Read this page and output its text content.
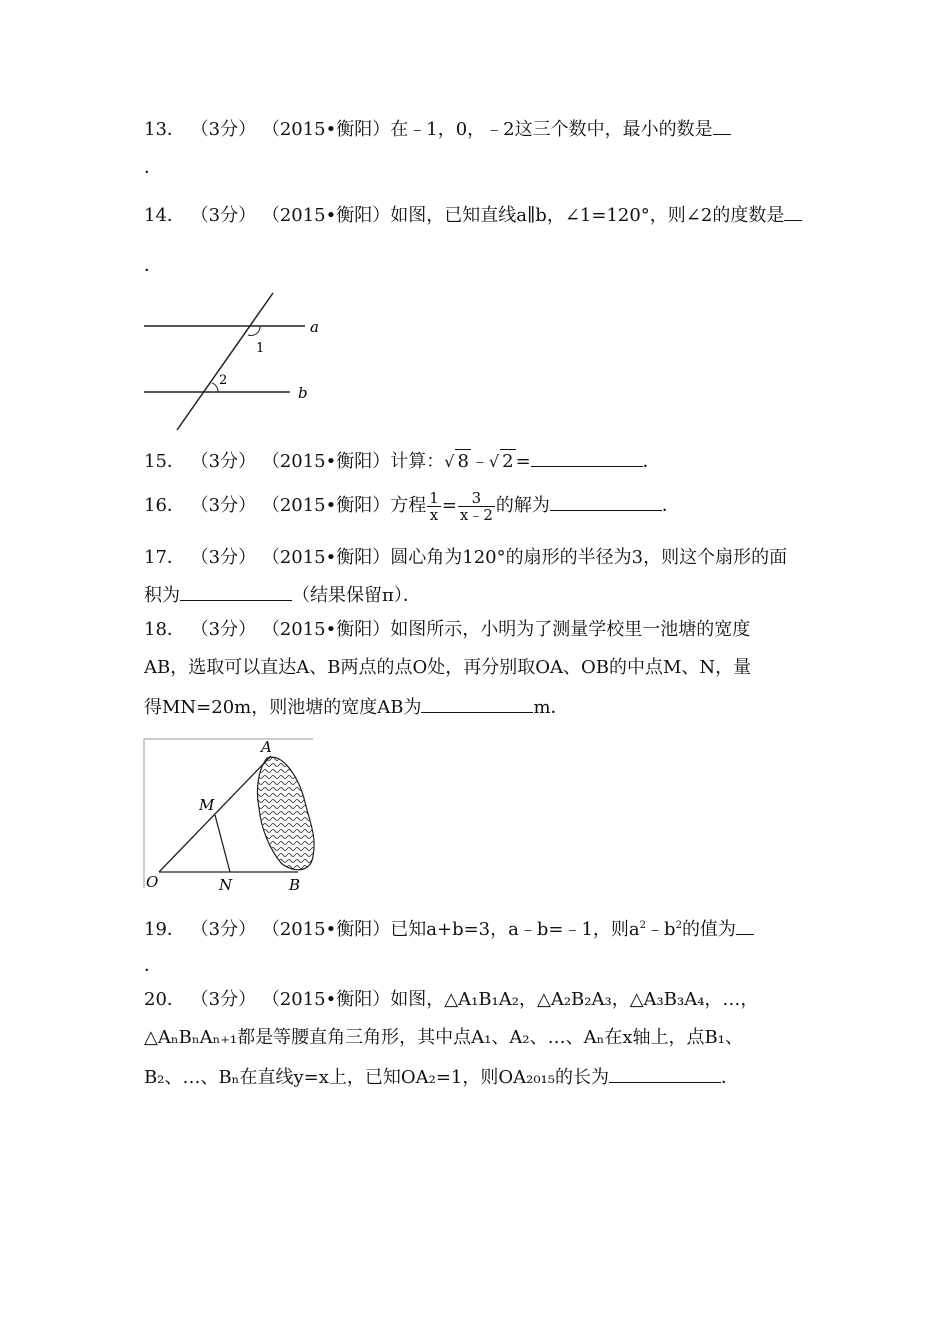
13． （3分） （2015•衡阳）在﹣1，0，﹣2这三个数中，最小的数是
．
14． （3分） （2015•衡阳）如图，已知直线a∥b，∠1=120°，则∠2的度数是
．
a
b
1
2
15． （3分） （2015•衡阳）计算：√ 8 ﹣√ 2 =	．
16． （3分） （2015•衡阳）方程 $\frac{1}{x} = \frac{3}{x﹣2}$ 的解为	．
17． （3分） （2015•衡阳）圆心角为120°的扇形的半径为3，则这个扇形的面
积为	（结果保留π）．
18． （3分） （2015•衡阳）如图所示，小明为了测量学校里一池塘的宽度
AB，选取可以直达A、B两点的点O处，再分别取OA、OB的中点M、N，量
得MN=20m，则池塘的宽度AB为	m．
A
M
O	N	B
19． （3分） （2015•衡阳）已知a+b=3，a﹣b=﹣1，则$a^2﹣b^2$的值为
．
20． （3分） （2015•衡阳）如图，△A₁B₁A₂，△A₂B₂A₃，△A₃B₃A₄，…，
△AₙBₙAₙ₊₁都是等腰直角三角形，其中点A₁、A₂、…、Aₙ在x轴上，点B₁、
B₂、…、Bₙ在直线y=x上，已知OA₂=1，则OA₂₀₁₅的长为	．
